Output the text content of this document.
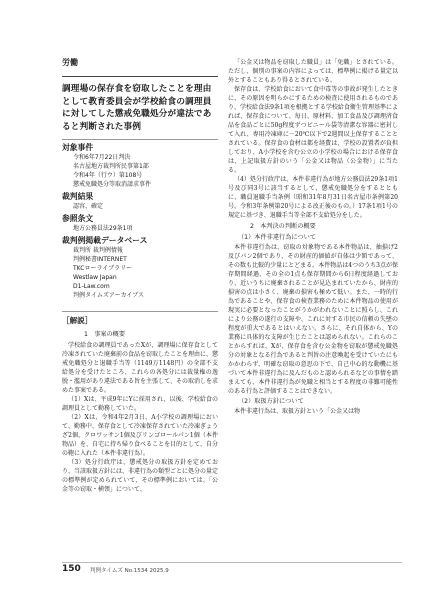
労働
調理場の保存食を窃取したことを理由として教育委員会が学校給食の調理員に対してした懲戒免職処分が違法であると判断された事例
対象事件
令和6年7月22日判決
名古屋地方裁判所民事第1部
令和4年（行ウ）第108号
懲戒免職処分等取消請求事件
裁判結果
認容、確定
参照条文
地方公務員法29条1項
裁判例掲載データベース
裁判所 裁判例情報
判例秘書INTERNET
TKCローライブラリー
Westlaw Japan
D1-Law.com
判例タイムズアーカイブス
［解説］
1　事案の概要

学校給食の調理員であったXが、調理場に保存食として冷凍されていた廃棄前の食品を窃取したことを理由に、懲戒免職処分と退職手当等（1149万1148円）の全部不支給処分を受けたところ、これらの各処分には裁量権の逸脱・濫用があり違法である旨を主張して、その取消しを求めた事案である。

（1）Xは、平成9年にYに採用され、以後、学校給食の調理員として勤務していた。

（2）Xは、令和4年2月3日、A小学校の調理場において、勤務中、保存食として冷凍保存されていた冷凍ぎょうざ2個、クロワッサン1個及びリンゴロールパン1個（本件物品）を、自宅に持ち帰り食べることを目的として、自分の鞄に入れた（本件非違行為）。

（3）処分行政庁は、懲戒処分の取扱方針を定めており、当該取扱方針には、非違行為の類型ごとに処分の量定の標準例が定められていて、その標準例においては、「公金等の窃取・横領」について、

「公金又は物品を窃取した職員」は「免職」とされている。ただし、個別の事案の内容によっては、標準例に掲げる量定以外とすることもあり得るとされている。

保存食は、学校給食において食中毒等の事故が発生したときに、その原因を明らかにするための検査に使用されるものであり、学校給食法9条1項を根拠とする学校給食衛生管理基準によれば、保存食について、毎日、原材料、加工食品及び調理済食品を食品ごとに50g程度ずつビニール袋等清潔な容器に密封して入れ、専用冷凍庫に－20℃以下で2週間以上保存することとされている。保存食の食材は都を経費は、学校の設置者が負担しており、A小学校を含む公立の小学校の場合における保存食は、上記取扱方針のいう「公金又は物品（公金物）」に当たる。

（4）処分行政庁は、本件非違行為が地方公務員法29条1項1号及び同3号に該当するとして、懲戒免職処分をするとともに、職員退職手当条例（昭和31年8月31日名古屋市条例第20号。令和3年条例第20号による改正後のもの。）17条1項1号の規定に基づき、退職手当等全部不支給処分をした。

2　本判決の判断の概要
（1）本件非違行為について

本件非違行為は、窃取の対象物である本件物品は、抽損げ2及びパン2個であり、その財産的価値が自体は少額であって、その数も比較的少量にとどまる。本件物品は4つのうち3点が保存期間経過、その全の1点も保存期間から6日程度経過しており、近いうちに廃棄されることが見込まれていたから、財産的損害の点は小さく、廃棄の損害も極めて低い。また、一時的行為であることや、保存食の検査業務のために本件物品の使用が現実に必要となったことがうかがわれないことに照らし、これにより公務の遂行の支障や、これに対する市民の信頼の失墜の程度が重大であるとはいえない。さらに、それ自体から、Yの業務に具体的な支障が生じたことは認められない。これらのことからすれば、Xが、保存食を含む公金物を窃取が懲戒免職処分の対象となる行為であると判旨の注意喚起を受けていたにもかかわらず、明確な窃取の意思の下で、自己中心的な動機に基づいて本件非違行為に及んだものと認められるなどの事情を踏まえても、本件非違行為が免職と相当とする程度の非難可能性のある行為と評価することはできない。

（2）取扱方針について

本件非違行為は、取扱方針という「公金又は物

150 判例タイムズ No.1534 2025.9
